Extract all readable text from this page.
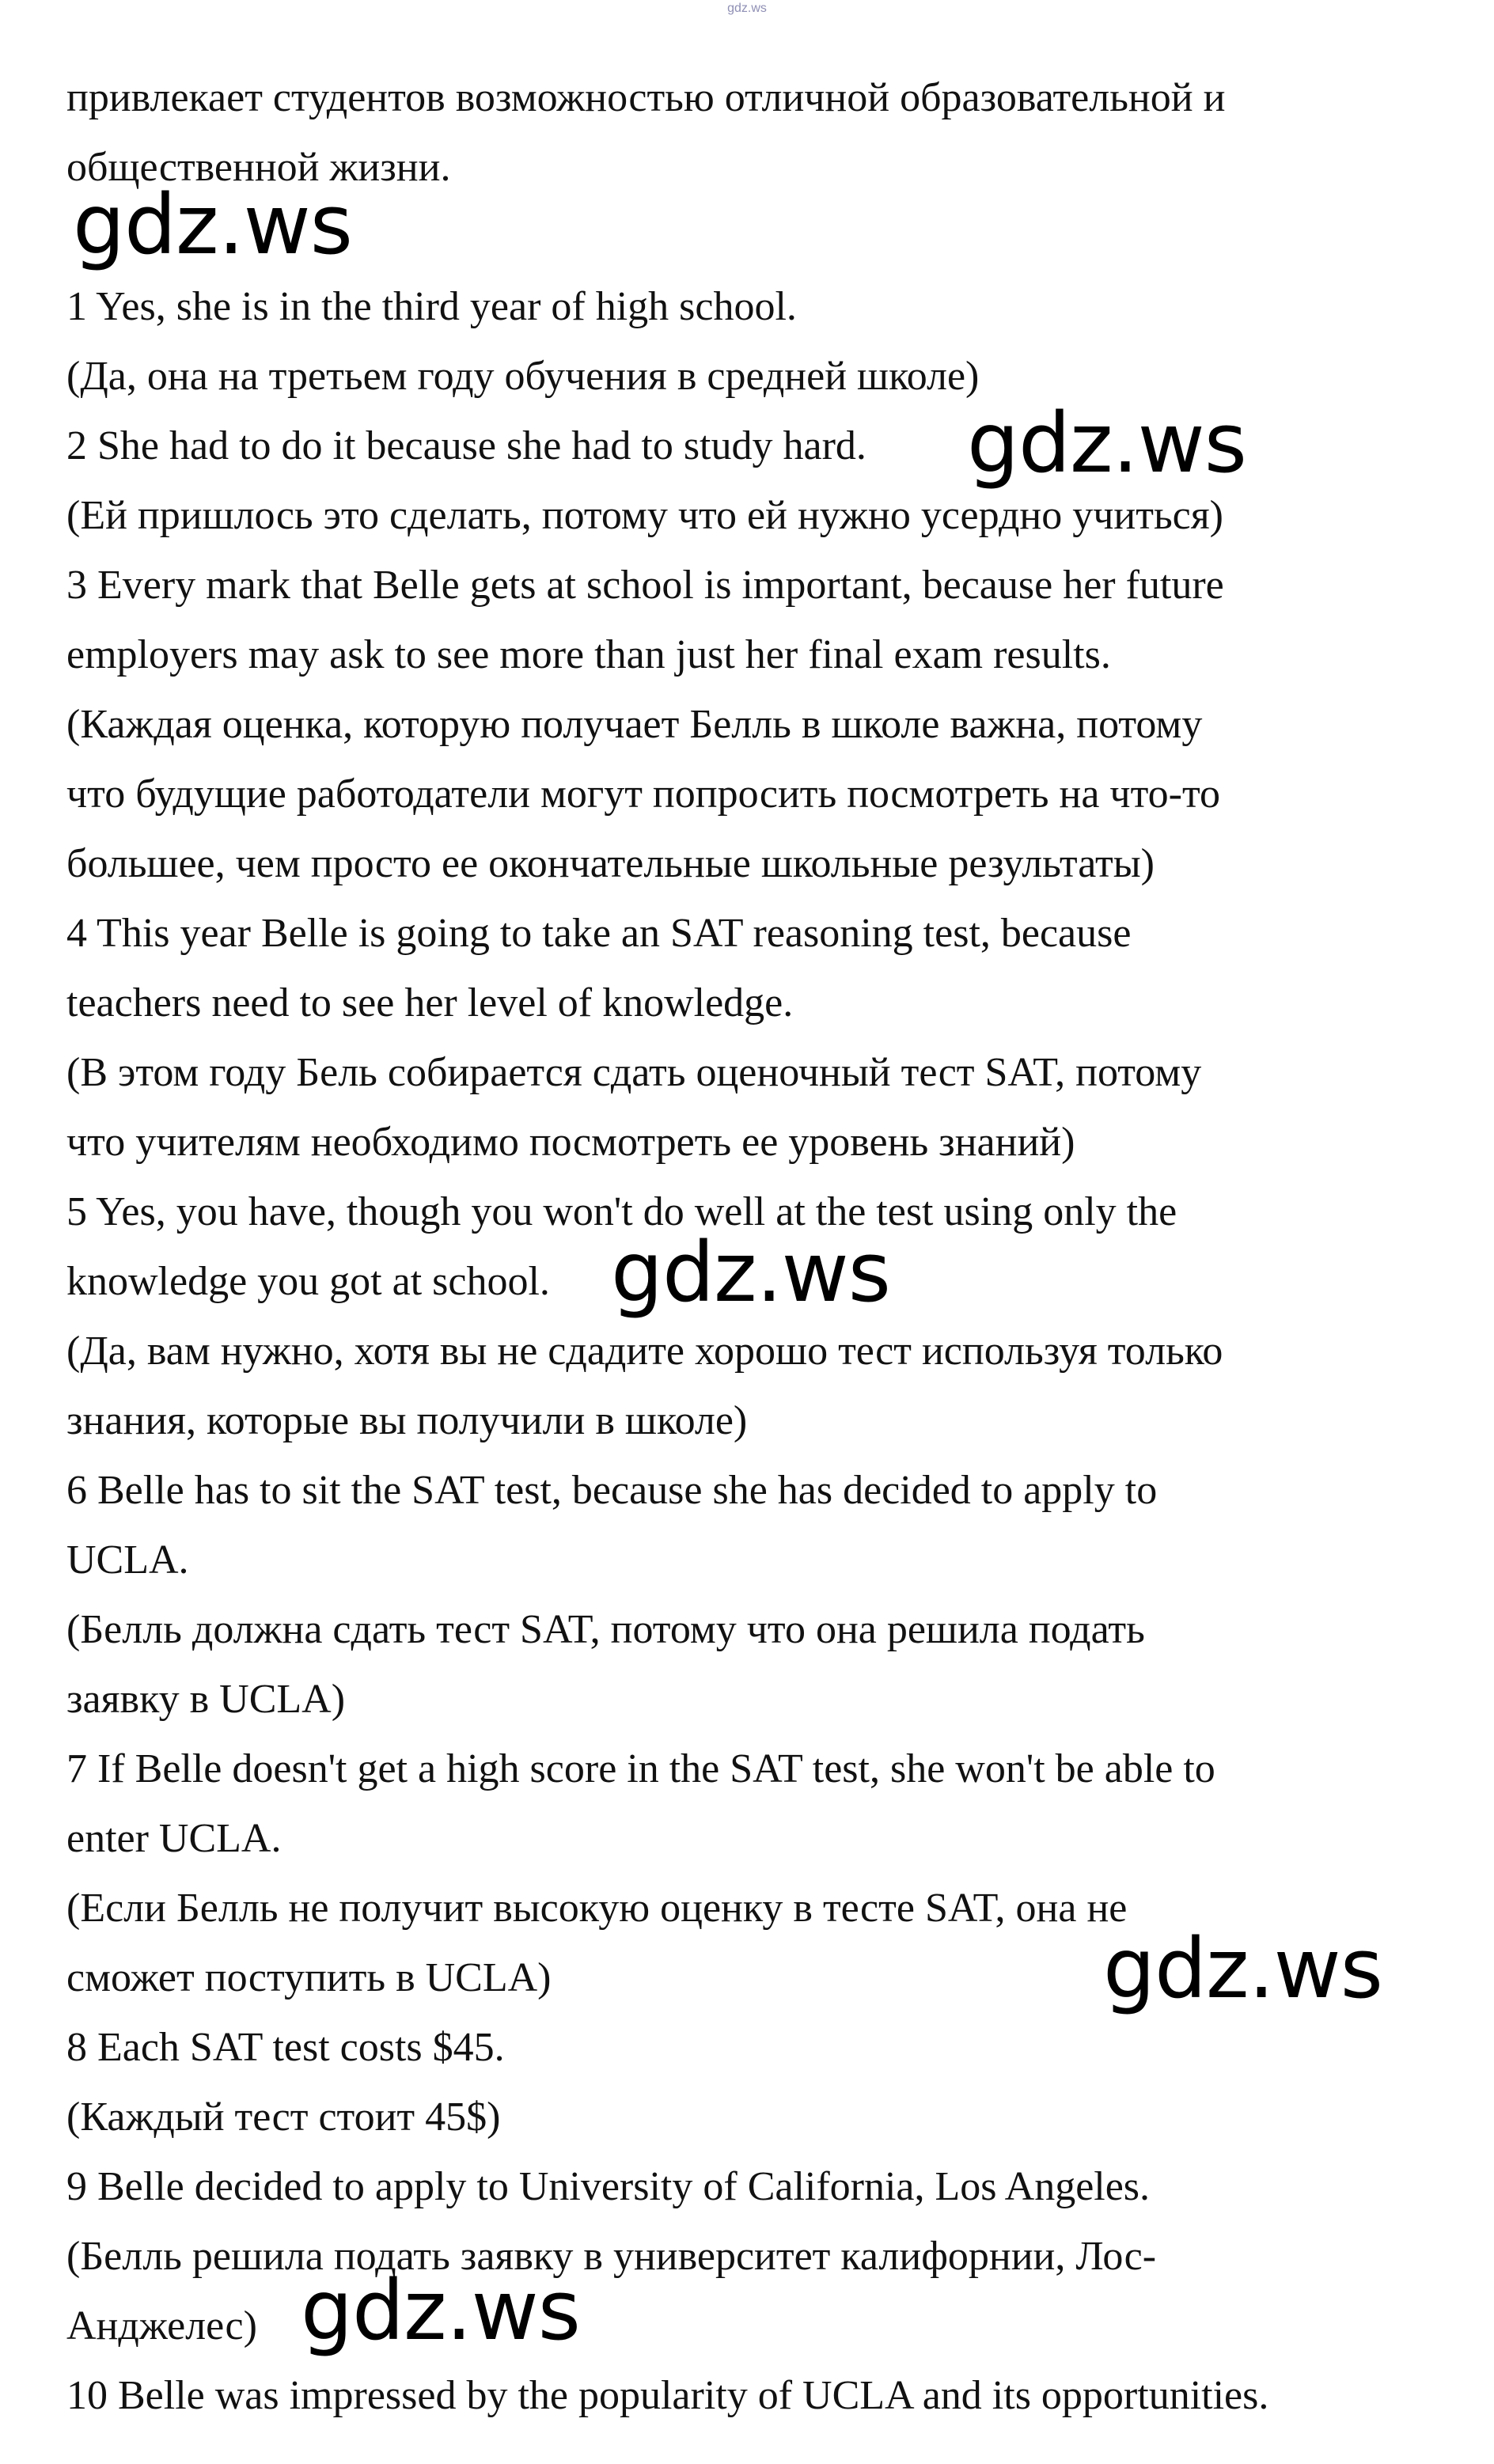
gdz.ws
привлекает студентов возможностью отличной образовательной и
общественной жизни.
1 Yes, she is in the third year of high school.
(Да, она на третьем году обучения в средней школе)
2 She had to do it because she had to study hard.
(Ей пришлось это сделать, потому что ей нужно усердно учиться)
3 Every mark that Belle gets at school is important, because her future
employers may ask to see more than just her final exam results.
(Каждая оценка, которую получает Белль в школе важна, потому
что будущие работодатели могут попросить посмотреть на что-то
большее, чем просто ее окончательные школьные результаты)
4 This year Belle is going to take an SAT reasoning test, because
teachers need to see her level of knowledge.
(В этом году Бель собирается сдать оценочный тест SAT, потому
что учителям необходимо посмотреть ее уровень знаний)
5 Yes, you have, though you won't do well at the test using only the
knowledge you got at school.
(Да, вам нужно, хотя вы не сдадите хорошо тест используя только
знания, которые вы получили в школе)
6 Belle has to sit the SAT test, because she has decided to apply to
UCLA.
(Белль должна сдать тест SAT, потому что она решила подать
заявку в UCLA)
7 If Belle doesn't get a high score in the SAT test, she won't be able to
enter UCLA.
(Если Белль не получит высокую оценку в тесте SAT, она не
сможет поступить в UCLA)
8 Each SAT test costs $45.
(Каждый тест стоит 45$)
9 Belle decided to apply to University of California, Los Angeles.
(Белль решила подать заявку в университет калифорнии, Лос-
Анджелес)
10 Belle was impressed by the popularity of UCLA and its opportunities.
gdz.ws
gdz.ws
gdz.ws
gdz.ws
gdz.ws
